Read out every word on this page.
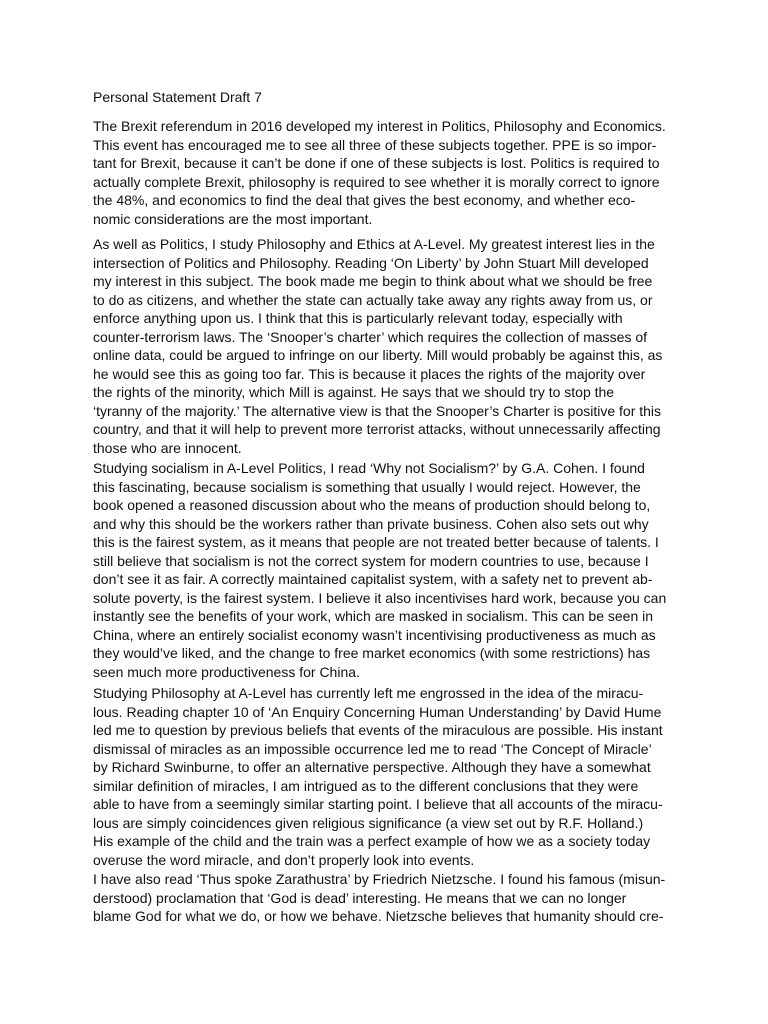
Personal Statement Draft 7

The Brexit referendum in 2016 developed my interest in Politics, Philosophy and Economics.
This event has encouraged me to see all three of these subjects together. PPE is so impor-
tant for Brexit, because it can’t be done if one of these subjects is lost. Politics is required to
actually complete Brexit, philosophy is required to see whether it is morally correct to ignore
the 48%, and economics to find the deal that gives the best economy, and whether eco-
nomic considerations are the most important.

As well as Politics, I study Philosophy and Ethics at A-Level. My greatest interest lies in the
intersection of Politics and Philosophy. Reading ‘On Liberty’ by John Stuart Mill developed
my interest in this subject. The book made me begin to think about what we should be free
to do as citizens, and whether the state can actually take away any rights away from us, or
enforce anything upon us. I think that this is particularly relevant today, especially with
counter-terrorism laws. The ‘Snooper’s charter’ which requires the collection of masses of
online data, could be argued to infringe on our liberty. Mill would probably be against this, as
he would see this as going too far. This is because it places the rights of the majority over
the rights of the minority, which Mill is against. He says that we should try to stop the
‘tyranny of the majority.’ The alternative view is that the Snooper’s Charter is positive for this
country, and that it will help to prevent more terrorist attacks, without unnecessarily affecting
those who are innocent.

Studying socialism in A-Level Politics, I read ‘Why not Socialism?’ by G.A. Cohen. I found
this fascinating, because socialism is something that usually I would reject. However, the
book opened a reasoned discussion about who the means of production should belong to,
and why this should be the workers rather than private business. Cohen also sets out why
this is the fairest system, as it means that people are not treated better because of talents. I
still believe that socialism is not the correct system for modern countries to use, because I
don’t see it as fair. A correctly maintained capitalist system, with a safety net to prevent ab-
solute poverty, is the fairest system. I believe it also incentivises hard work, because you can
instantly see the benefits of your work, which are masked in socialism. This can be seen in
China, where an entirely socialist economy wasn’t incentivising productiveness as much as
they would’ve liked, and the change to free market economics (with some restrictions) has
seen much more productiveness for China.

Studying Philosophy at A-Level has currently left me engrossed in the idea of the miracu-
lous. Reading chapter 10 of ‘An Enquiry Concerning Human Understanding’ by David Hume
led me to question by previous beliefs that events of the miraculous are possible. His instant
dismissal of miracles as an impossible occurrence led me to read ‘The Concept of Miracle’
by Richard Swinburne, to offer an alternative perspective. Although they have a somewhat
similar definition of miracles, I am intrigued as to the different conclusions that they were
able to have from a seemingly similar starting point. I believe that all accounts of the miracu-
lous are simply coincidences given religious significance (a view set out by R.F. Holland.)
His example of the child and the train was a perfect example of how we as a society today
overuse the word miracle, and don’t properly look into events.

I have also read ‘Thus spoke Zarathustra’ by Friedrich Nietzsche. I found his famous (misun-
derstood) proclamation that ‘God is dead’ interesting. He means that we can no longer
blame God for what we do, or how we behave. Nietzsche believes that humanity should cre-
